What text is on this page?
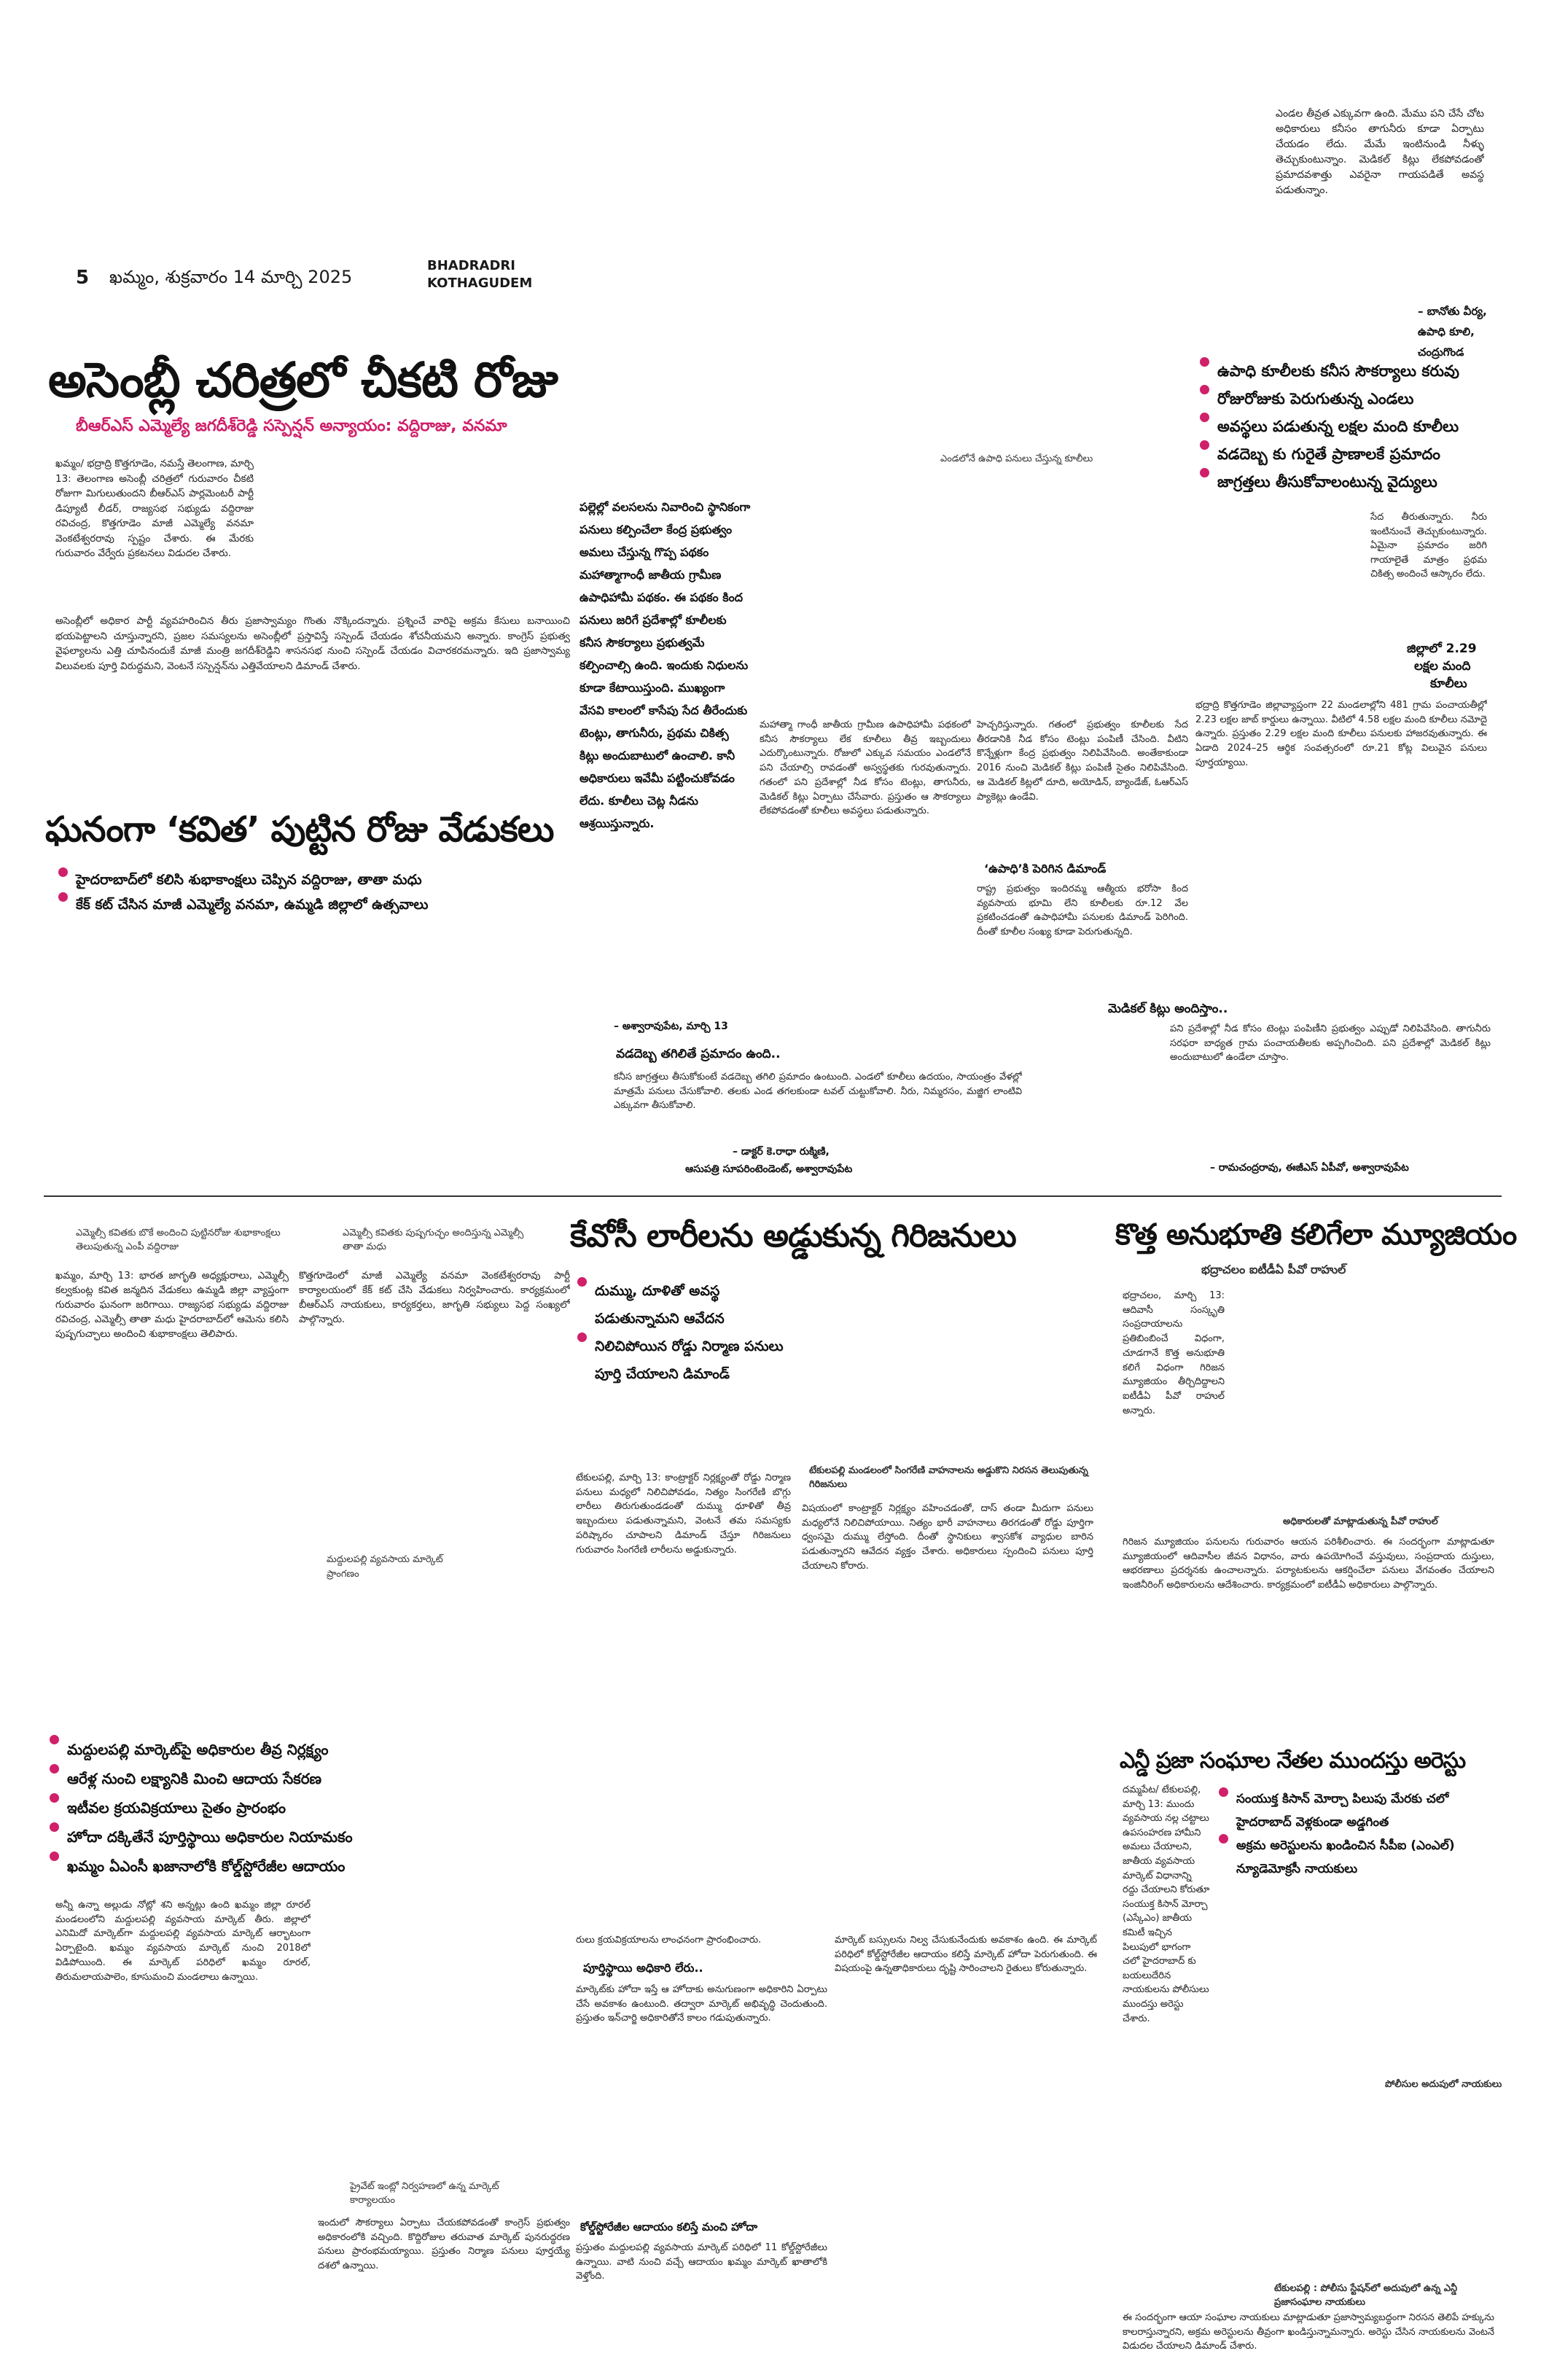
5 ఖమ్మం, శుక్రవారం 14 మార్చి 2025
BHADRADRI
KOTHAGUDEM
ఎండల తీవ్రత ఎక్కువగా ఉంది. మేము పని చేసే చోట అధికారులు కనీసం తాగునీరు కూడా ఏర్పాటు చేయడం లేదు. మేమే ఇంటినుండి నీళ్ళు తెచ్చుకుంటున్నాం. మెడికల్ కిట్లు లేకపోవడంతో ప్రమాదవశాత్తు ఎవరైనా గాయపడితే అవస్థ పడుతున్నాం.
– బానోతు వీర్య,
ఉపాధి కూలి,
చంద్రుగొండ
ఉపాధి కూలీలకు కనీస సౌకర్యాలు కరువు
రోజురోజుకు పెరుగుతున్న ఎండలు
అవస్థలు పడుతున్న లక్షల మంది కూలీలు
వడదెబ్బ కు గురైతే ప్రాణాలకే ప్రమాదం
జాగ్రత్తలు తీసుకోవాలంటున్న వైద్యులు
అసెంబ్లీ చరిత్రలో చీకటి రోజు
బీఆర్ఎస్ ఎమ్మెల్యే జగదీశ్‌రెడ్డి సస్పెన్షన్ అన్యాయం: వద్దిరాజు, వనమా
ఖమ్మం/ భద్రాద్రి కొత్తగూడెం, నమస్తే తెలంగాణ, మార్చి 13: తెలంగాణ అసెంబ్లీ చరిత్రలో గురువారం చీకటి రోజుగా మిగులుతుందని బీఆర్ఎస్ పార్లమెంటరీ పార్టీ డిప్యూటీ లీడర్, రాజ్యసభ సభ్యుడు వద్దిరాజు రవిచంద్ర, కొత్తగూడెం మాజీ ఎమ్మెల్యే వనమా వెంకటేశ్వరరావు స్పష్టం చేశారు. ఈ మేరకు గురువారం వేర్వేరు ప్రకటనలు విడుదల చేశారు.
అసెంబ్లీలో అధికార పార్టీ వ్యవహరించిన తీరు ప్రజాస్వామ్యం గొంతు నొక్కిందన్నారు. ప్రశ్నించే వారిపై అక్రమ కేసులు బనాయించి భయపెట్టాలని చూస్తున్నారని, ప్రజల సమస్యలను అసెంబ్లీలో ప్రస్తావిస్తే సస్పెండ్ చేయడం శోచనీయమని అన్నారు. కాంగ్రెస్ ప్రభుత్వ వైఫల్యాలను ఎత్తి చూపినందుకే మాజీ మంత్రి జగదీశ్‌రెడ్డిని శాసనసభ నుంచి సస్పెండ్ చేయడం విచారకరమన్నారు. ఇది ప్రజాస్వామ్య విలువలకు పూర్తి విరుద్ధమని, వెంటనే సస్పెన్షన్‌ను ఎత్తివేయాలని డిమాండ్ చేశారు.
ఘనంగా ‘కవిత’ పుట్టిన రోజు వేడుకలు
హైదరాబాద్‌లో కలిసి శుభాకాంక్షలు చెప్పిన వద్దిరాజు, తాతా మధు
కేక్ కట్ చేసిన మాజీ ఎమ్మెల్యే వనమా, ఉమ్మడి జిల్లాలో ఉత్సవాలు
ఎమ్మెల్సీ కవితకు బొకే అందించి పుట్టినరోజు శుభాకాంక్షలు తెలుపుతున్న ఎంపీ వద్దిరాజు
ఎమ్మెల్సీ కవితకు పుష్పగుచ్ఛం అందిస్తున్న ఎమ్మెల్సీ తాతా మధు
ఖమ్మం, మార్చి 13: భారత జాగృతి అధ్యక్షురాలు, ఎమ్మెల్సీ కల్వకుంట్ల కవిత జన్మదిన వేడుకలు ఉమ్మడి జిల్లా వ్యాప్తంగా గురువారం ఘనంగా జరిగాయి. రాజ్యసభ సభ్యుడు వద్దిరాజు రవిచంద్ర, ఎమ్మెల్సీ తాతా మధు హైదరాబాద్‌లో ఆమెను కలిసి పుష్పగుచ్ఛాలు అందించి శుభాకాంక్షలు తెలిపారు.
కొత్తగూడెంలో మాజీ ఎమ్మెల్యే వనమా వెంకటేశ్వరరావు పార్టీ కార్యాలయంలో కేక్ కట్ చేసి వేడుకలు నిర్వహించారు. కార్యక్రమంలో బీఆర్ఎస్ నాయకులు, కార్యకర్తలు, జాగృతి సభ్యులు పెద్ద సంఖ్యలో పాల్గొన్నారు.
మద్దులపల్లి వ్యవసాయ మార్కెట్ ప్రాంగణం
ఎండలోనే ఉపాధి పనులు చేస్తున్న కూలీలు
పల్లెల్లో వలసలను నివారించి స్థానికంగా పనులు కల్పించేలా కేంద్ర ప్రభుత్వం అమలు చేస్తున్న గొప్ప పథకం మహాత్మాగాంధీ జాతీయ గ్రామీణ ఉపాధిహామీ పథకం. ఈ పథకం కింద పనులు జరిగే ప్రదేశాల్లో కూలీలకు కనీస సౌకర్యాలు ప్రభుత్వమే కల్పించాల్సి ఉంది. ఇందుకు నిధులను కూడా కేటాయిస్తుంది. ముఖ్యంగా వేసవి కాలంలో కాసేపు సేద తీరేందుకు టెంట్లు, తాగునీరు, ప్రథమ చికిత్స కిట్లు అందుబాటులో ఉంచాలి. కానీ అధికారులు ఇవేమీ పట్టించుకోవడం లేదు. కూలీలు చెట్ల నీడను ఆశ్రయిస్తున్నారు.
– అశ్వారావుపేట, మార్చి 13
మహాత్మా గాంధీ జాతీయ గ్రామీణ ఉపాధిహామీ పథకంలో కనీస సౌకర్యాలు లేక కూలీలు తీవ్ర ఇబ్బందులు ఎదుర్కొంటున్నారు. రోజులో ఎక్కువ సమయం ఎండలోనే పని చేయాల్సి రావడంతో అస్వస్థతకు గురవుతున్నారు. గతంలో పని ప్రదేశాల్లో నీడ కోసం టెంట్లు, తాగునీరు, మెడికల్ కిట్లు ఏర్పాటు చేసేవారు. ప్రస్తుతం ఆ సౌకర్యాలు లేకపోవడంతో కూలీలు అవస్థలు పడుతున్నారు.
హెచ్చరిస్తున్నారు. గతంలో ప్రభుత్వం కూలీలకు సేద తీరడానికి నీడ కోసం టెంట్లు పంపిణీ చేసింది. వీటిని కొన్నేళ్లుగా కేంద్ర ప్రభుత్వం నిలిపివేసింది. అంతేకాకుండా 2016 నుంచి మెడికల్ కిట్లు పంపిణీ సైతం నిలిపివేసింది. ఆ మెడికల్ కిట్లలో దూది, అయోడిన్, బ్యాండేజ్, ఓఆర్ఎస్ ప్యాకెట్లు ఉండేవి.
‘ఉపాధి’కి పెరిగిన డిమాండ్
రాష్ట్ర ప్రభుత్వం ఇందిరమ్మ ఆత్మీయ భరోసా కింద వ్యవసాయ భూమి లేని కూలీలకు రూ.12 వేల ప్రకటించడంతో ఉపాధిహామీ పనులకు డిమాండ్ పెరిగింది. దీంతో కూలీల సంఖ్య కూడా పెరుగుతున్నది.
సేద తీరుతున్నారు. నీరు ఇంటినుంచే తెచ్చుకుంటున్నారు. ఏమైనా ప్రమాదం జరిగి గాయాలైతే మాత్రం ప్రథమ చికిత్స అందించే ఆస్కారం లేదు.
జిల్లాలో 2.29
లక్షల మంది
కూలీలు
భద్రాద్రి కొత్తగూడెం జిల్లావ్యాప్తంగా 22 మండలాల్లోని 481 గ్రామ పంచాయతీల్లో 2.23 లక్షల జాబ్ కార్డులు ఉన్నాయి. వీటిలో 4.58 లక్షల మంది కూలీలు నమోదై ఉన్నారు. ప్రస్తుతం 2.29 లక్షల మంది కూలీలు పనులకు హాజరవుతున్నారు. ఈ ఏడాది 2024–25 ఆర్థిక సంవత్సరంలో రూ.21 కోట్ల విలువైన పనులు పూర్తయ్యాయి.
వడదెబ్బ తగిలితే ప్రమాదం ఉంది..
కనీస జాగ్రత్తలు తీసుకోకుంటే వడదెబ్బ తగిలి ప్రమాదం ఉంటుంది. ఎండలో కూలీలు ఉదయం, సాయంత్రం వేళల్లో మాత్రమే పనులు చేసుకోవాలి. తలకు ఎండ తగలకుండా టవల్ చుట్టుకోవాలి. నీరు, నిమ్మరసం, మజ్జిగ లాంటివి ఎక్కువగా తీసుకోవాలి.
– డాక్టర్ కె.రాధా రుక్మిణి,
ఆసుపత్రి సూపరింటెండెంట్, అశ్వారావుపేట
మెడికల్ కిట్లు అందిస్తాం..
పని ప్రదేశాల్లో నీడ కోసం టెంట్లు పంపిణీని ప్రభుత్వం ఎప్పుడో నిలిపివేసింది. తాగునీరు సరఫరా బాధ్యత గ్రామ పంచాయతీలకు అప్పగించింది. పని ప్రదేశాల్లో మెడికల్ కిట్లు అందుబాటులో ఉండేలా చూస్తాం.
– రామచంద్రరావు, ఈజీఎస్ ఏపీవో, అశ్వారావుపేట
కేవోసీ లారీలను అడ్డుకున్న గిరిజనులు
దుమ్ము, దూళితో అవస్థ పడుతున్నామని ఆవేదన
నిలిచిపోయిన రోడ్డు నిర్మాణ పనులు పూర్తి చేయాలని డిమాండ్
టేకులపల్లి మండలంలో సింగరేణి వాహనాలను అడ్డుకొని నిరసన తెలుపుతున్న గిరిజనులు
టేకులపల్లి, మార్చి 13: కాంట్రాక్టర్ నిర్లక్ష్యంతో రోడ్డు నిర్మాణ పనులు మధ్యలో నిలిచిపోవడం, నిత్యం సింగరేణి బొగ్గు లారీలు తిరుగుతుండడంతో దుమ్ము ధూళితో తీవ్ర ఇబ్బందులు పడుతున్నామని, వెంటనే తమ సమస్యకు పరిష్కారం చూపాలని డిమాండ్ చేస్తూ గిరిజనులు గురువారం సింగరేణి లారీలను అడ్డుకున్నారు.
విషయంలో కాంట్రాక్టర్ నిర్లక్ష్యం వహించడంతో, దాస్ తండా మీదుగా పనులు మధ్యలోనే నిలిచిపోయాయి. నిత్యం భారీ వాహనాలు తిరగడంతో రోడ్డు పూర్తిగా ధ్వంసమై దుమ్ము లేస్తోంది. దీంతో స్థానికులు శ్వాసకోశ వ్యాధుల బారిన పడుతున్నారని ఆవేదన వ్యక్తం చేశారు. అధికారులు స్పందించి పనులు పూర్తి చేయాలని కోరారు.
కొత్త అనుభూతి కలిగేలా మ్యూజియం
భద్రాచలం ఐటీడీఏ పీవో రాహుల్
భద్రాచలం, మార్చి 13: ఆదివాసీ సంస్కృతి సంప్రదాయాలను ప్రతిబింబించే విధంగా, చూడగానే కొత్త అనుభూతి కలిగే విధంగా గిరిజన మ్యూజియం తీర్చిదిద్దాలని ఐటీడీఏ పీవో రాహుల్ అన్నారు.
అధికారులతో మాట్లాడుతున్న పీవో రాహుల్
గిరిజన మ్యూజియం పనులను గురువారం ఆయన పరిశీలించారు. ఈ సందర్భంగా మాట్లాడుతూ మ్యూజియంలో ఆదివాసీల జీవన విధానం, వారు ఉపయోగించే వస్తువులు, సంప్రదాయ దుస్తులు, ఆభరణాలు ప్రదర్శనకు ఉంచాలన్నారు. పర్యాటకులను ఆకర్షించేలా పనులు వేగవంతం చేయాలని ఇంజినీరింగ్ అధికారులను ఆదేశించారు. కార్యక్రమంలో ఐటీడీఏ అధికారులు పాల్గొన్నారు.
ఎన్డీ ప్రజా సంఘాల నేతల ముందస్తు అరెస్టు
దమ్మపేట/ టేకులపల్లి, మార్చి 13: ముందు వ్యవసాయ నల్ల చట్టాలు ఉపసంహరణ హామీని అమలు చేయాలని, జాతీయ వ్యవసాయ మార్కెట్ విధానాన్ని రద్దు చేయాలని కోరుతూ సంయుక్త కిసాన్ మోర్చా (ఎస్కేఎం) జాతీయ కమిటీ ఇచ్చిన పిలుపులో భాగంగా చలో హైదరాబాద్ కు బయలుదేరిన నాయకులను పోలీసులు ముందస్తు అరెస్టు చేశారు.
సంయుక్త కిసాన్ మోర్చా పిలుపు మేరకు చలో హైదరాబాద్ వెళ్లకుండా అడ్డగింత
అక్రమ అరెస్టులను ఖండించిన సీపీఐ (ఎంఎల్) న్యూడెమోక్రసీ నాయకులు
పోలీసుల అదుపులో నాయకులు
టేకులపల్లి : పోలీసు స్టేషన్‌లో అదుపులో ఉన్న ఎన్డీ ప్రజాసంఘాల నాయకులు
ఈ సందర్భంగా ఆయా సంఘాల నాయకులు మాట్లాడుతూ ప్రజాస్వామ్యబద్ధంగా నిరసన తెలిపే హక్కును కాలరాస్తున్నారని, అక్రమ అరెస్టులను తీవ్రంగా ఖండిస్తున్నామన్నారు. అరెస్టు చేసిన నాయకులను వెంటనే విడుదల చేయాలని డిమాండ్ చేశారు.
మద్దులపల్లి మార్కెట్‌పై అధికారుల తీవ్ర నిర్లక్ష్యం
ఆరేళ్ల నుంచి లక్ష్యానికి మించి ఆదాయ సేకరణ
ఇటీవల క్రయవిక్రయాలు సైతం ప్రారంభం
హోదా దక్కితేనే పూర్తిస్థాయి అధికారుల నియామకం
ఖమ్మం ఏఎంసీ ఖజానాలోకి కోల్డ్‌స్టోరేజీల ఆదాయం
అన్నీ ఉన్నా అల్లుడు నోట్లో శని అన్నట్లు ఉంది ఖమ్మం జిల్లా రూరల్ మండలంలోని మద్దులపల్లి వ్యవసాయ మార్కెట్ తీరు. జిల్లాలో ఎనిమిదో మార్కెట్‌గా మద్దులపల్లి వ్యవసాయ మార్కెట్ ఆర్భాటంగా ఏర్పాటైంది. ఖమ్మం వ్యవసాయ మార్కెట్ నుంచి 2018లో విడిపోయింది. ఈ మార్కెట్ పరిధిలో ఖమ్మం రూరల్, తిరుమలాయపాలెం, కూసుమంచి మండలాలు ఉన్నాయి.
ప్రైవేట్ ఇంట్లో నిర్వహణలో ఉన్న మార్కెట్ కార్యాలయం
ఇందులో సౌకర్యాలు ఏర్పాటు చేయకపోవడంతో కాంగ్రెస్ ప్రభుత్వం అధికారంలోకి వచ్చింది. కొద్దిరోజుల తరువాత మార్కెట్ పునరుద్ధరణ పనులు ప్రారంభమయ్యాయి. ప్రస్తుతం నిర్మాణ పనులు పూర్తయ్యే దశలో ఉన్నాయి.
రులు క్రయవిక్రయాలను లాంఛనంగా ప్రారంభించారు.
పూర్తిస్థాయి అధికారి లేరు..
మార్కెట్‌కు హోదా ఇస్తే ఆ హోదాకు అనుగుణంగా అధికారిని ఏర్పాటు చేసే అవకాశం ఉంటుంది. తద్వారా మార్కెట్ అభివృద్ధి చెందుతుంది. ప్రస్తుతం ఇన్‌చార్జి అధికారితోనే కాలం గడుపుతున్నారు.
కోల్డ్‌స్టోరేజీల ఆదాయం కలిస్తే మంచి హోదా
ప్రస్తుతం మద్దులపల్లి వ్యవసాయ మార్కెట్ పరిధిలో 11 కోల్డ్‌స్టోరేజీలు ఉన్నాయి. వాటి నుంచి వచ్చే ఆదాయం ఖమ్మం మార్కెట్ ఖాతాలోకి వెళ్తోంది.
మార్కెట్ బస్సులను నిల్వ చేసుకునేందుకు అవకాశం ఉంది. ఈ మార్కెట్ పరిధిలో కోల్డ్‌స్టోరేజీల ఆదాయం కలిస్తే మార్కెట్ హోదా పెరుగుతుంది. ఈ విషయంపై ఉన్నతాధికారులు దృష్టి సారించాలని రైతులు కోరుతున్నారు.
